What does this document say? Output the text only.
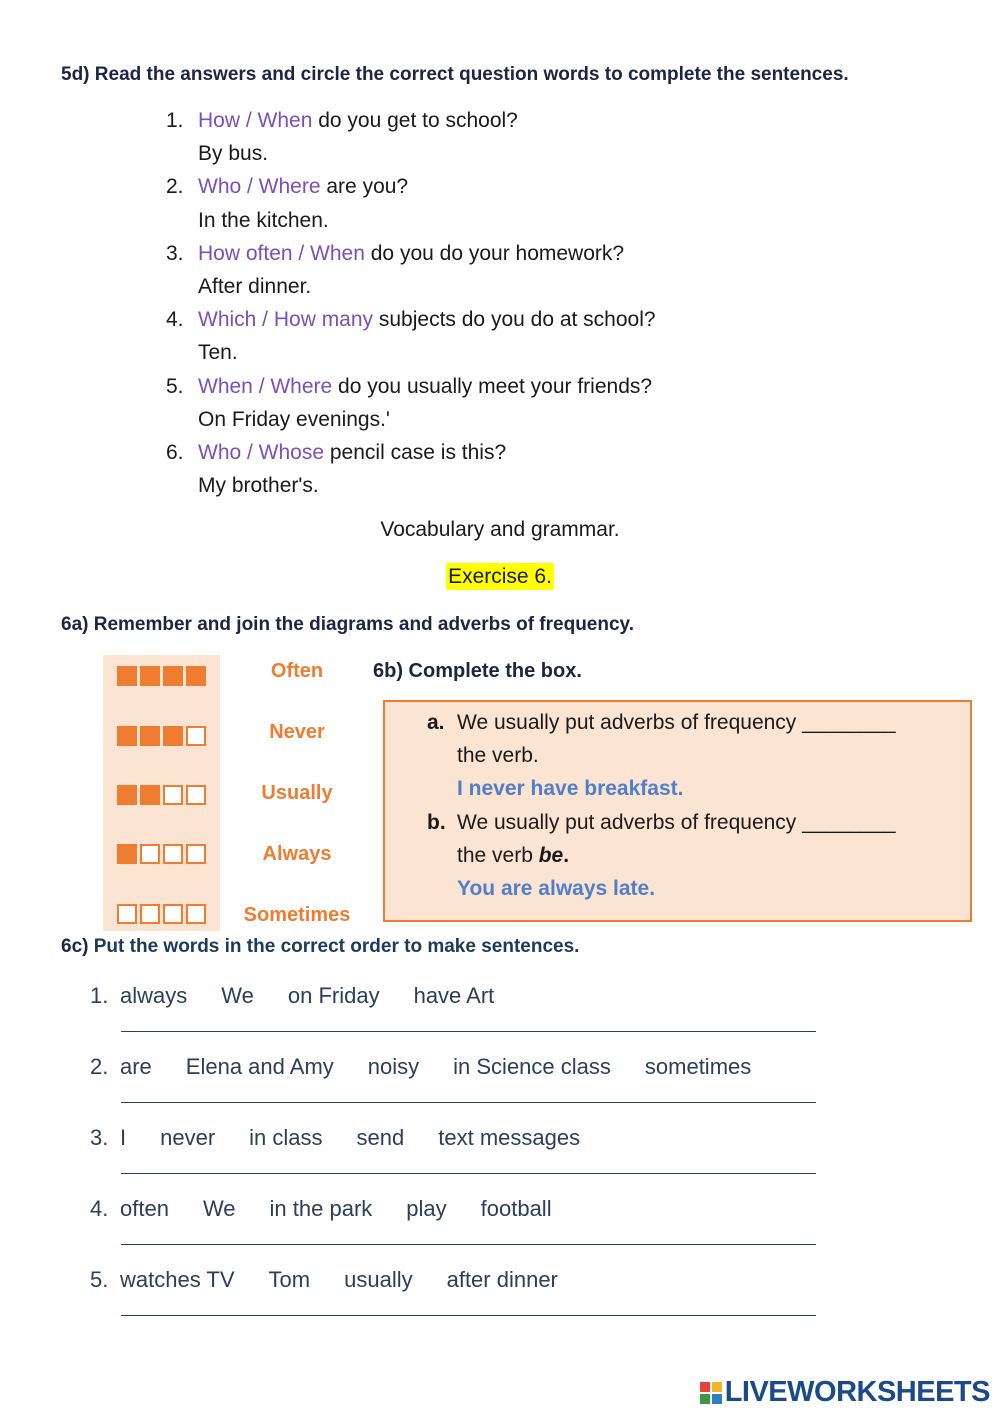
5d) Read the answers and circle the correct question words to complete the sentences.
1. How / When do you get to school?
By bus.
2. Who / Where are you?
In the kitchen.
3. How often / When do you do your homework?
After dinner.
4. Which / How many subjects do you do at school?
Ten.
5. When / Where do you usually meet your friends?
On Friday evenings.'
6. Who / Whose pencil case is this?
My brother's.
Vocabulary and grammar.
Exercise 6.
6a) Remember and join the diagrams and adverbs of frequency.
Often
Never
Usually
Always
Sometimes
6b) Complete the box.
a. We usually put adverbs of frequency ________
the verb.
I never have breakfast.
b. We usually put adverbs of frequency ________
the verb be.
You are always late.
6c) Put the words in the correct order to make sentences.
1. always We on Friday have Art
2. are Elena and Amy noisy in Science class sometimes
3. I never in class send text messages
4. often We in the park play football
5. watches TV Tom usually after dinner
LIVEWORKSHEETS
